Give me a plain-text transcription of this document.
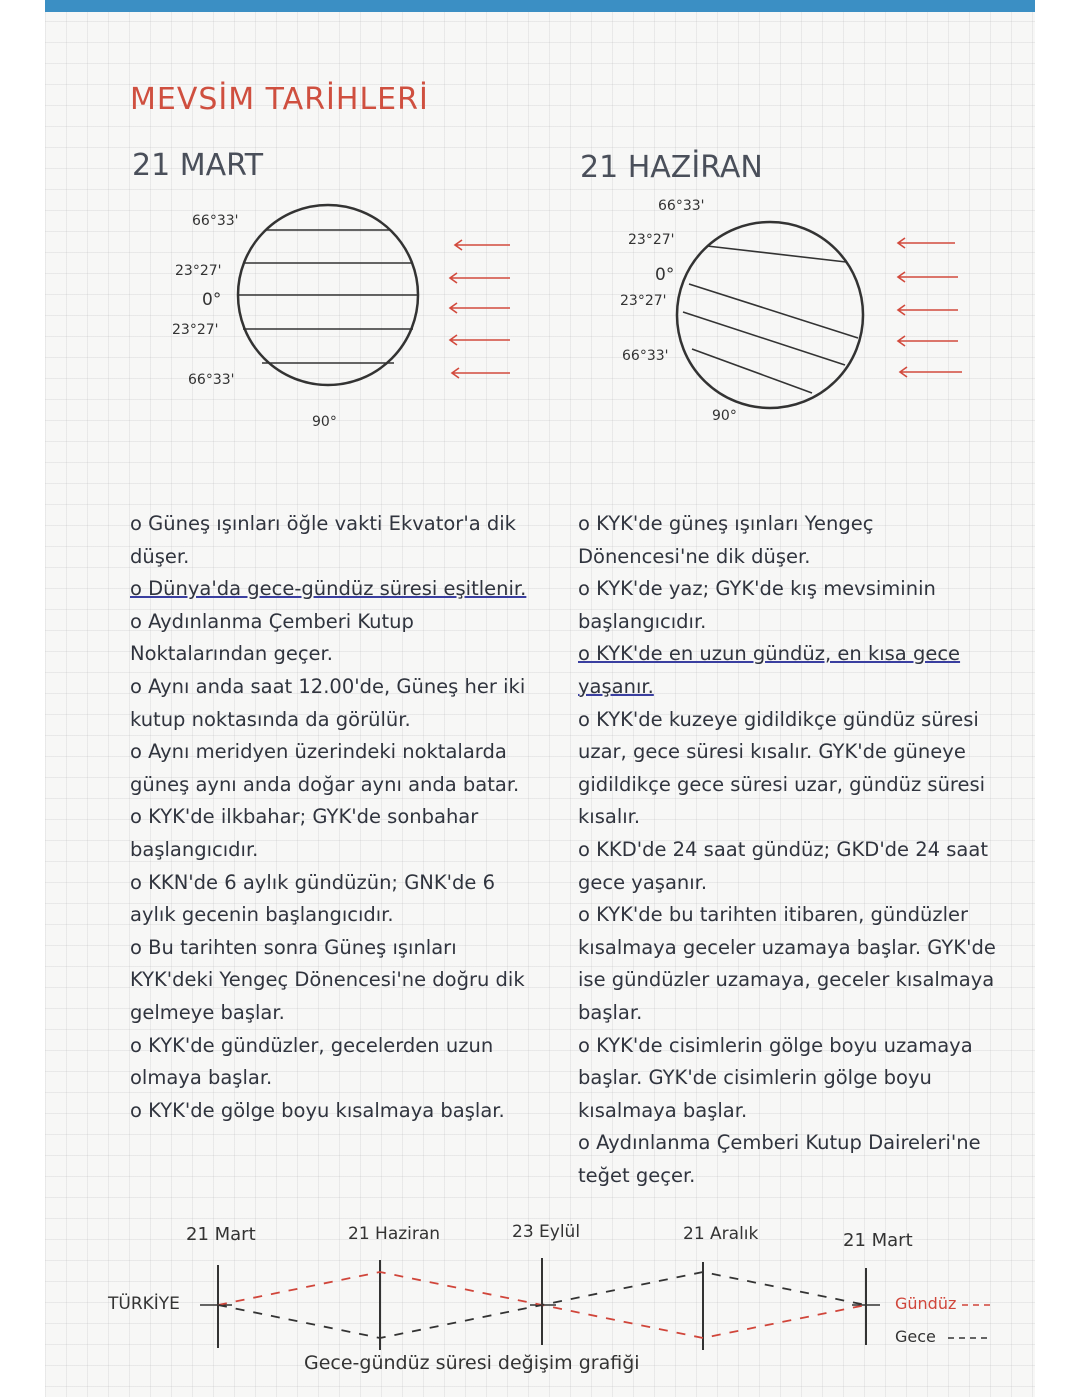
MEVSİM TARİHLERİ
21 MART	21 HAZİRAN
66°33'
23°27'
0°
23°27'
66°33'
90°
66°33'
23°27'
0°
23°27'
66°33'
90°

o Güneş ışınları öğle vakti Ekvator'a dik düşer.

o Dünya'da gece-gündüz süresi eşitlenir.

o Aydınlanma Çemberi Kutup Noktalarından geçer.

o Aynı anda saat 12.00'de, Güneş her iki kutup noktasında da görülür.

o Aynı meridyen üzerindeki noktalarda güneş aynı anda doğar aynı anda batar.

o KYK'de ilkbahar; GYK'de sonbahar başlangıcıdır.

o KKN'de 6 aylık gündüzün; GNK'de 6 aylık gecenin başlangıcıdır.

o Bu tarihten sonra Güneş ışınları KYK'deki Yengeç Dönencesi'ne doğru dik gelmeye başlar.

o KYK'de gündüzler, gecelerden uzun olmaya başlar.

o KYK'de gölge boyu kısalmaya başlar.

o KYK'de güneş ışınları Yengeç Dönencesi'ne dik düşer.

o KYK'de yaz; GYK'de kış mevsiminin başlangıcıdır.

o KYK'de en uzun gündüz, en kısa gece yaşanır.

o KYK'de kuzeye gidildikçe gündüz süresi uzar, gece süresi kısalır. GYK'de güneye gidildikçe gece süresi uzar, gündüz süresi kısalır.

o KKD'de 24 saat gündüz; GKD'de 24 saat gece yaşanır.

o KYK'de bu tarihten itibaren, gündüzler kısalmaya geceler uzamaya başlar. GYK'de ise gündüzler uzamaya, geceler kısalmaya başlar.

o KYK'de cisimlerin gölge boyu uzamaya başlar. GYK'de cisimlerin gölge boyu kısalmaya başlar.

o Aydınlanma Çemberi Kutup Daireleri'ne teğet geçer.

21 Mart	21 Haziran	23 Eylül	21 Aralık	21 Mart
TÜRKİYE	Gündüz
Gece
Gece-gündüz süresi değişim grafiği
